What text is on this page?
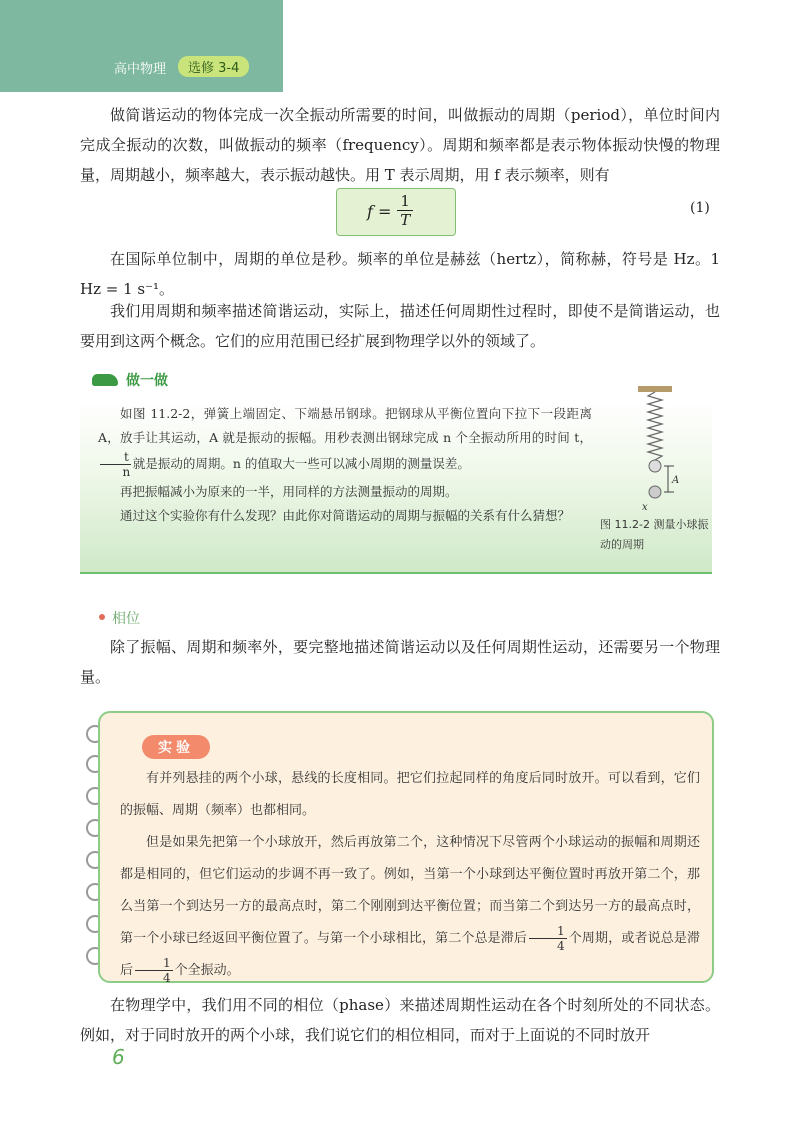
高中物理	选修 3-4
做简谐运动的物体完成一次全振动所需要的时间，叫做振动的周期（period），单位时间内完成全振动的次数，叫做振动的频率（frequency）。周期和频率都是表示物体振动快慢的物理量，周期越小，频率越大，表示振动越快。用 T 表示周期，用 f 表示频率，则有
$f = \frac{1}{T}$	(1)
在国际单位制中，周期的单位是秒。频率的单位是赫兹（hertz），简称赫，符号是 Hz。1 Hz = 1 s⁻¹。
我们用周期和频率描述简谐运动，实际上，描述任何周期性过程时，即使不是简谐运动，也要用到这两个概念。它们的应用范围已经扩展到物理学以外的领域了。
做一做
如图 11.2-2，弹簧上端固定、下端悬吊钢球。把钢球从平衡位置向下拉下一段距离 A，放手让其运动，A 就是振动的振幅。用秒表测出钢球完成 n 个全振动所用的时间 t，
$\frac{t}{n}$ 就是振动的周期。n 的值取大一些可以减小周期的测量误差。
再把振幅减小为原来的一半，用同样的方法测量振动的周期。
通过这个实验你有什么发现？由此你对简谐运动的周期与振幅的关系有什么猜想？
A
x
图 11.2-2 测量小球振动的周期
相位
除了振幅、周期和频率外，要完整地描述简谐运动以及任何周期性运动，还需要另一个物理量。
实验
有并列悬挂的两个小球，悬线的长度相同。把它们拉起同样的角度后同时放开。可以看到，它们的振幅、周期（频率）也都相同。
但是如果先把第一个小球放开，然后再放第二个，这种情况下尽管两个小球运动的振幅和周期还都是相同的，但它们运动的步调不再一致了。例如，当第一个小球到达平衡位置时再放开第二个，那么当第一个到达另一方的最高点时，第二个刚刚到达平衡位置；而当第二个到达另一方的最高点时，第一个小球已经返回平衡位置了。与第一个小球相比，第二个总是滞后 $\frac{1}{4}$ 个周期，或者说总是滞后 $\frac{1}{4}$ 个全振动。
在物理学中，我们用不同的相位（phase）来描述周期性运动在各个时刻所处的不同状态。例如，对于同时放开的两个小球，我们说它们的相位相同，而对于上面说的不同时放开
6
